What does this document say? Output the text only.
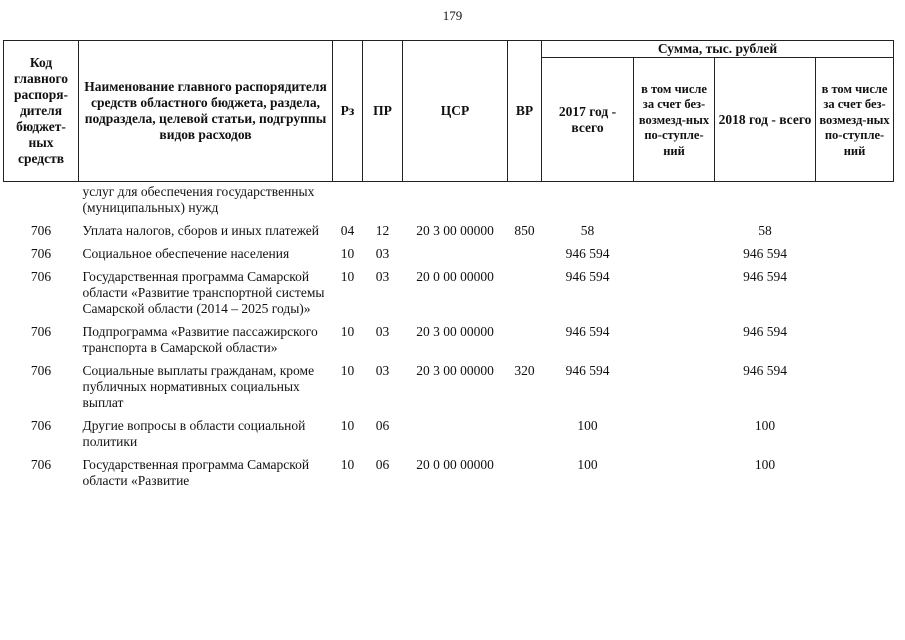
179
Код главного распоря-дителя бюджет-ных средств	Наименование главного распорядителя средств областного бюджета, раздела, подраздела, целевой статьи, подгруппы видов расходов	Рз	ПР	ЦСР	ВР	Сумма, тыс. рублей			
						2017 год - всего	в том числе за счет без-возмезд-ных по-ступле-ний	2018 год - всего	в том числе за счет без-возмезд-ных по-ступле-ний
	услуг для обеспечения государственных (муниципальных) нужд								
706	Уплата налогов, сборов и иных платежей	04	12	20 3 00 00000	850	58		58	
706	Социальное обеспечение населения	10	03			946 594		946 594	
706	Государственная программа Самарской области «Развитие транспортной системы Самарской области (2014 – 2025 годы)»	10	03	20 0 00 00000		946 594		946 594	
706	Подпрограмма «Развитие пассажирского транспорта в Самарской области»	10	03	20 3 00 00000		946 594		946 594	
706	Социальные выплаты гражданам, кроме публичных нормативных социальных выплат	10	03	20 3 00 00000	320	946 594		946 594	
706	Другие вопросы в области социальной политики	10	06			100		100	
706	Государственная программа Самарской области «Развитие	10	06	20 0 00 00000		100		100	
